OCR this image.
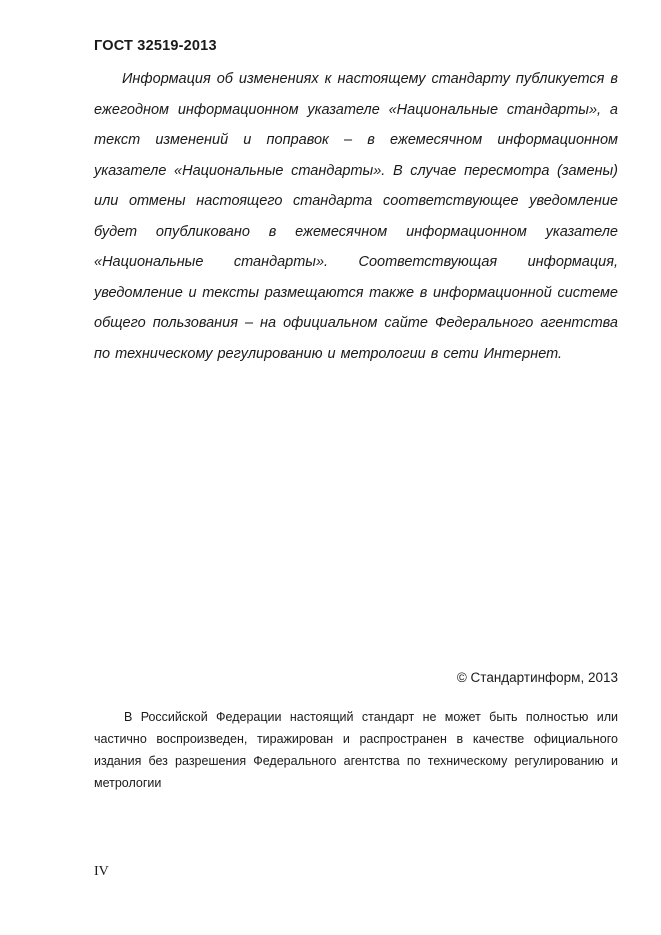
ГОСТ 32519-2013

Информация об изменениях к настоящему стандарту публикуется в ежегодном информационном указателе «Национальные стандарты», а текст изменений и поправок – в ежемесячном информационном указателе «Национальные стандарты». В случае пересмотра (замены) или отмены настоящего стандарта соответствующее уведомление будет опубликовано в ежемесячном информационном указателе «Национальные стандарты». Соответствующая информация, уведомление и тексты размещаются также в информационной системе общего пользования – на официальном сайте Федерального агентства по техническому регулированию и метрологии в сети Интернет.

© Стандартинформ, 2013

В Российской Федерации настоящий стандарт не может быть полностью или частично воспроизведен, тиражирован и распространен в качестве официального издания без разрешения Федерального агентства по техническому регулированию и метрологии

IV
